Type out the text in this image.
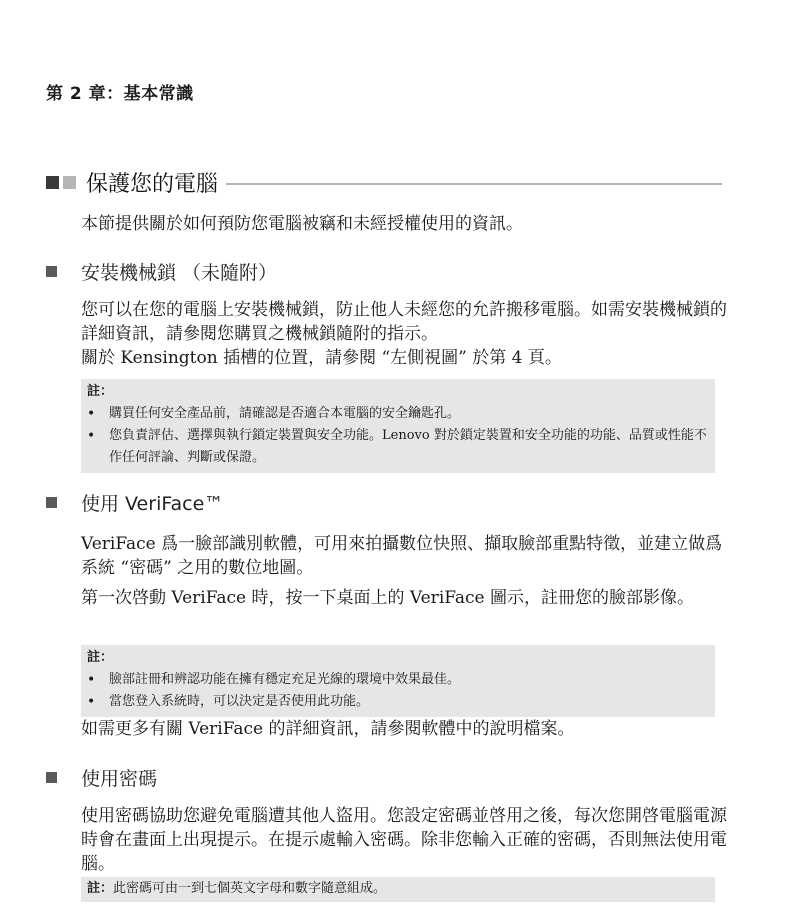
第 2 章：基本常識
保護您的電腦

本節提供關於如何預防您電腦被竊和未經授權使用的資訊。

安裝機械鎖 （未隨附）

您可以在您的電腦上安裝機械鎖，防止他人未經您的允許搬移電腦。如需安裝機械鎖的詳細資訊，請參閱您購買之機械鎖隨附的指示。

關於 Kensington 插槽的位置，請參閱 “左側視圖” 於第 4 頁。

註：
• 購買任何安全產品前，請確認是否適合本電腦的安全鑰匙孔。
• 您負責評估、選擇與執行鎖定裝置與安全功能。Lenovo 對於鎖定裝置和安全功能的功能、品質或性能不作任何評論、判斷或保證。
使用 VeriFace™

VeriFace 爲一臉部識別軟體，可用來拍攝數位快照、擷取臉部重點特徵，並建立做爲系統 “密碼” 之用的數位地圖。

第一次啓動 VeriFace 時，按一下桌面上的 VeriFace 圖示，註冊您的臉部影像。

註：
• 臉部註冊和辨認功能在擁有穩定充足光線的環境中效果最佳。
• 當您登入系統時，可以決定是否使用此功能。

如需更多有關 VeriFace 的詳細資訊，請參閱軟體中的說明檔案。

使用密碼

使用密碼協助您避免電腦遭其他人盜用。您設定密碼並啓用之後，每次您開啓電腦電源時會在畫面上出現提示。在提示處輸入密碼。除非您輸入正確的密碼，否則無法使用電腦。

註：此密碼可由一到七個英文字母和數字隨意組成。
